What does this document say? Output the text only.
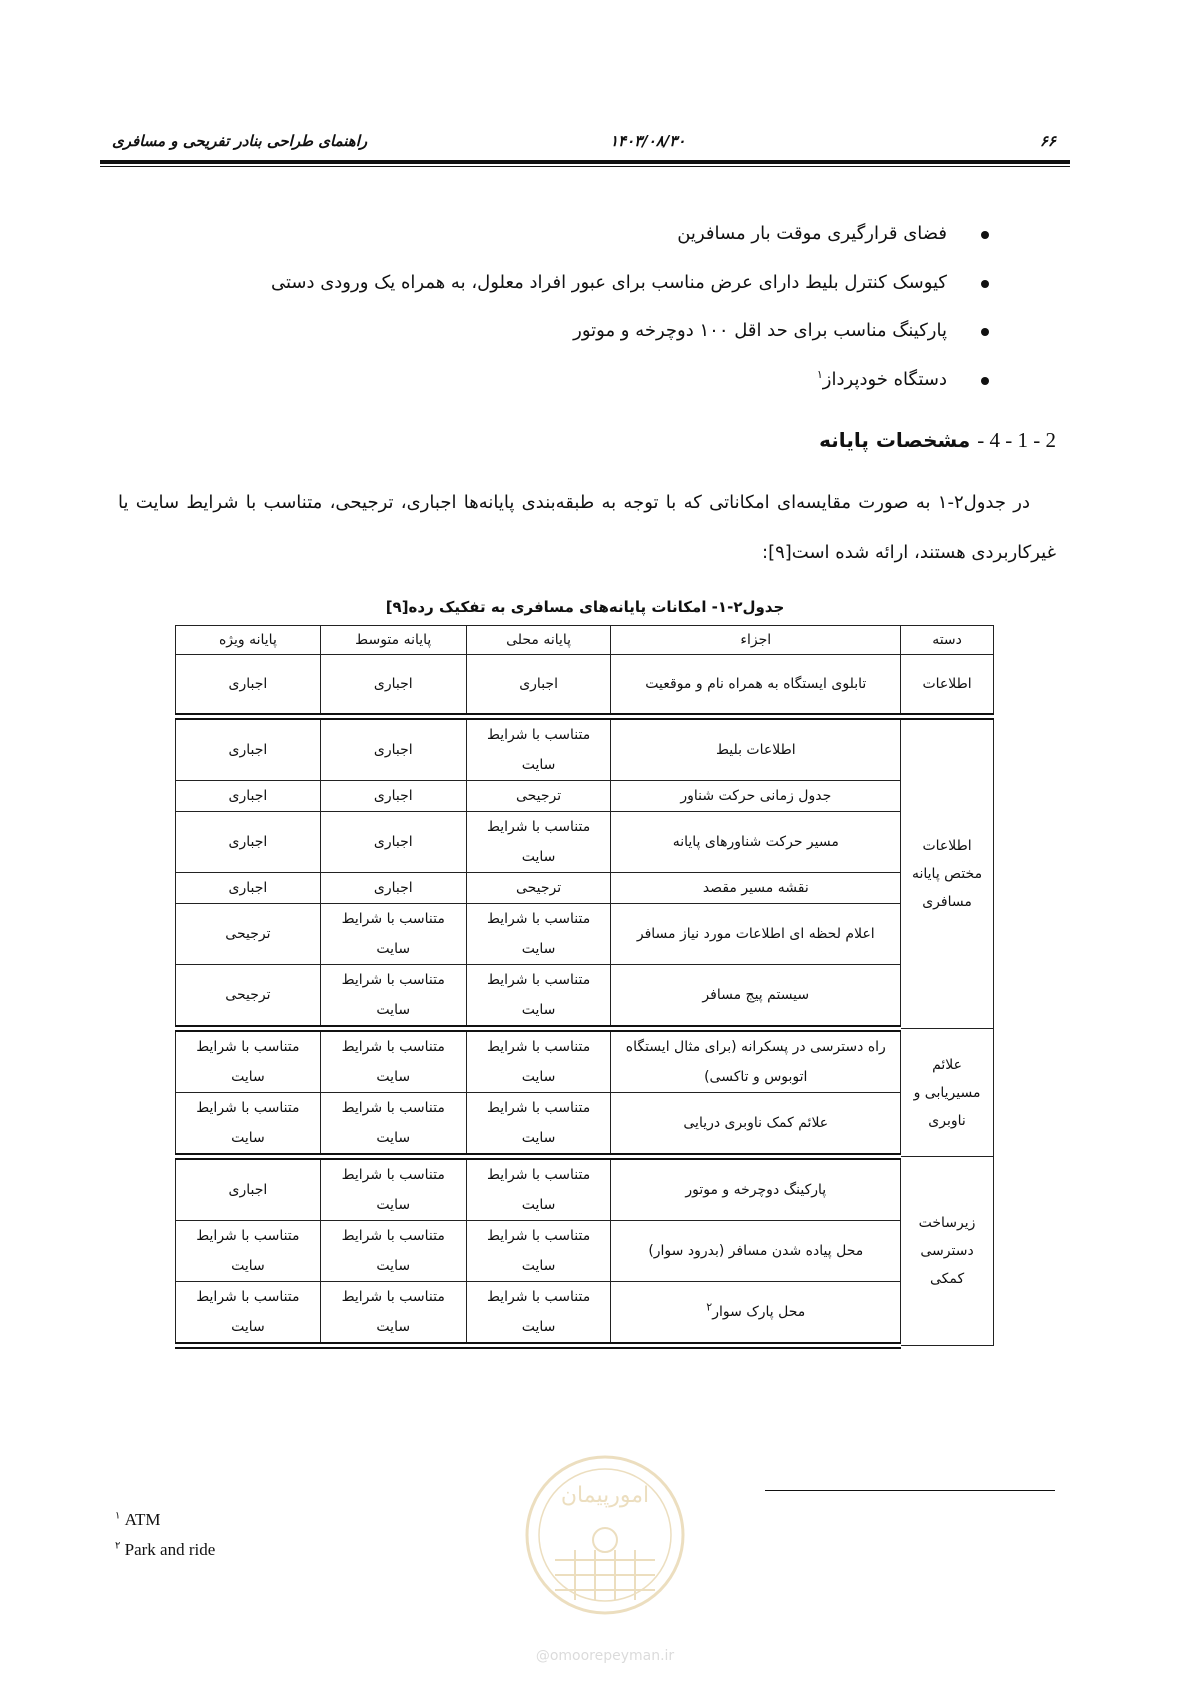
راهنمای طراحی بنادر تفریحی و مسافری	۱۴۰۳/۰۸/۳۰	۶۶
فضای قرارگیری موقت بار مسافرین
کیوسک کنترل بلیط دارای عرض مناسب برای عبور افراد معلول، به همراه یک ورودی دستی
پارکینگ مناسب برای حد اقل ۱۰۰ دوچرخه و موتور
دستگاه خودپرداز$^۱$
2 - 1 - 4 - مشخصات پایانه
در جدول۲-۱ به صورت مقایسه‌ای امکاناتی که با توجه به طبقه‌بندی پایانه‌ها اجباری، ترجیحی، متناسب با شرایط سایت یا غیرکاربردی هستند، ارائه شده است[۹]:
جدول۲-۱- امکانات پایانه‌های مسافری به تفکیک رده[۹]
دسته	اجزاء	پایانه محلی	پایانه متوسط	پایانه ویژه
اطلاعات	تابلوی ایستگاه به همراه نام و موقعیت	اجباری	اجباری	اجباری
اطلاعات مختص پایانه مسافری	اطلاعات بلیط	متناسب با شرایط سایت	اجباری	اجباری
	جدول زمانی حرکت شناور	ترجیحی	اجباری	اجباری
	مسیر حرکت شناورهای پایانه	متناسب با شرایط سایت	اجباری	اجباری
	نقشه مسیر مقصد	ترجیحی	اجباری	اجباری
	اعلام لحظه ای اطلاعات مورد نیاز مسافر	متناسب با شرایط سایت	متناسب با شرایط سایت	ترجیحی
	سیستم پیج مسافر	متناسب با شرایط سایت	متناسب با شرایط سایت	ترجیحی
علائم مسیریابی و ناوبری	راه دسترسی در پسکرانه (برای مثال ایستگاه اتوبوس و تاکسی)	متناسب با شرایط سایت	متناسب با شرایط سایت	متناسب با شرایط سایت
	علائم کمک ناوبری دریایی	متناسب با شرایط سایت	متناسب با شرایط سایت	متناسب با شرایط سایت
زیرساخت دسترسی کمکی	پارکینگ دوچرخه و موتور	متناسب با شرایط سایت	متناسب با شرایط سایت	اجباری
	محل پیاده شدن مسافر (بدرود سوار)	متناسب با شرایط سایت	متناسب با شرایط سایت	متناسب با شرایط سایت
	محل پارک سوار$^۲$	متناسب با شرایط سایت	متناسب با شرایط سایت	متناسب با شرایط سایت
$^۱$ ATM
$^۲$ Park and ride
امورپیمان
@omoorepeyman.ir
